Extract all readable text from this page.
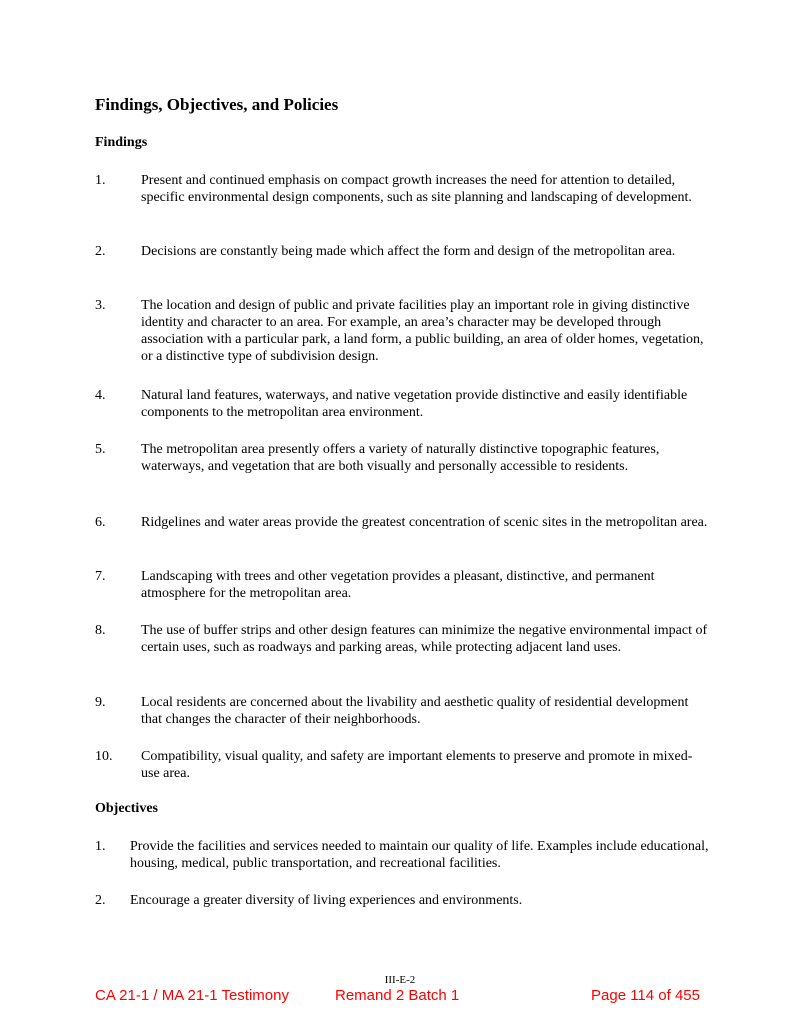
Findings, Objectives, and Policies
Findings
1.	Present and continued emphasis on compact growth increases the need for attention to detailed, specific environmental design components, such as site planning and landscaping of development.
2.	Decisions are constantly being made which affect the form and design of the metropolitan area.
3.	The location and design of public and private facilities play an important role in giving distinctive identity and character to an area. For example, an area’s character may be developed through association with a particular park, a land form, a public building, an area of older homes, vegetation, or a distinctive type of subdivision design.
4.	Natural land features, waterways, and native vegetation provide distinctive and easily identifiable components to the metropolitan area environment.
5.	The metropolitan area presently offers a variety of naturally distinctive topographic features, waterways, and vegetation that are both visually and personally accessible to residents.
6.	Ridgelines and water areas provide the greatest concentration of scenic sites in the metropolitan area.
7.	Landscaping with trees and other vegetation provides a pleasant, distinctive, and permanent atmosphere for the metropolitan area.
8.	The use of buffer strips and other design features can minimize the negative environmental impact of certain uses, such as roadways and parking areas, while protecting adjacent land uses.
9.	Local residents are concerned about the livability and aesthetic quality of residential development that changes the character of their neighborhoods.
10. Compatibility, visual quality, and safety are important elements to preserve and promote in mixed-use area.
Objectives
1. Provide the facilities and services needed to maintain our quality of life. Examples include educational, housing, medical, public transportation, and recreational facilities.
2. Encourage a greater diversity of living experiences and environments.
III-E-2
CA 21-1 / MA 21-1 Testimony	Remand 2 Batch 1	Page 114 of 455
